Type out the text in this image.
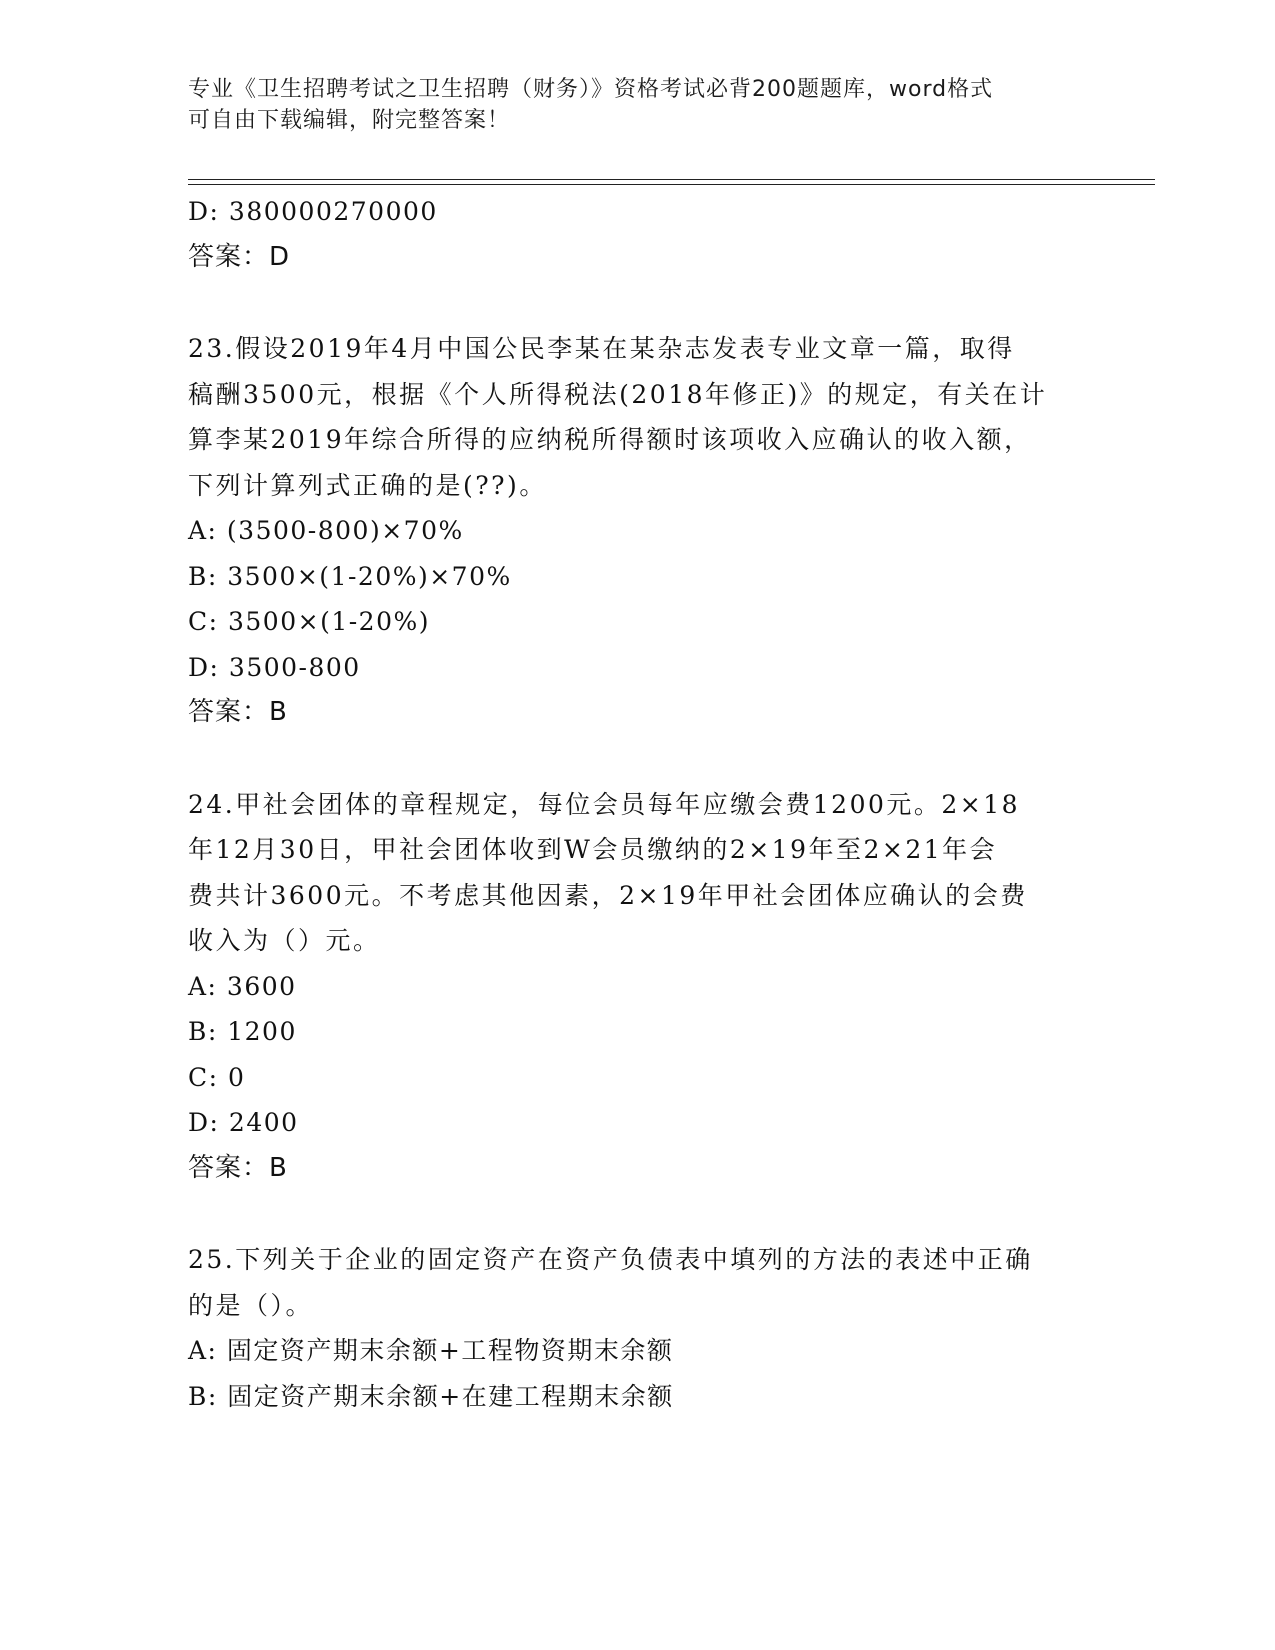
专业《卫生招聘考试之卫生招聘（财务）》资格考试必背200题题库，word格式
可自由下载编辑，附完整答案！
D: 380000270000
答案：D
23.假设2019年4月中国公民李某在某杂志发表专业文章一篇，取得
稿酬3500元，根据《个人所得税法(2018年修正)》的规定，有关在计
算李某2019年综合所得的应纳税所得额时该项收入应确认的收入额，
下列计算列式正确的是(??)。
A: (3500-800)×70%
B: 3500×(1-20%)×70%
C: 3500×(1-20%)
D: 3500-800
答案：B
24.甲社会团体的章程规定，每位会员每年应缴会费1200元。2×18
年12月30日，甲社会团体收到W会员缴纳的2×19年至2×21年会
费共计3600元。不考虑其他因素，2×19年甲社会团体应确认的会费
收入为（）元。
A: 3600
B: 1200
C: 0
D: 2400
答案：B
25.下列关于企业的固定资产在资产负债表中填列的方法的表述中正确
的是（）。
A: 固定资产期末余额+工程物资期末余额
B: 固定资产期末余额+在建工程期末余额
